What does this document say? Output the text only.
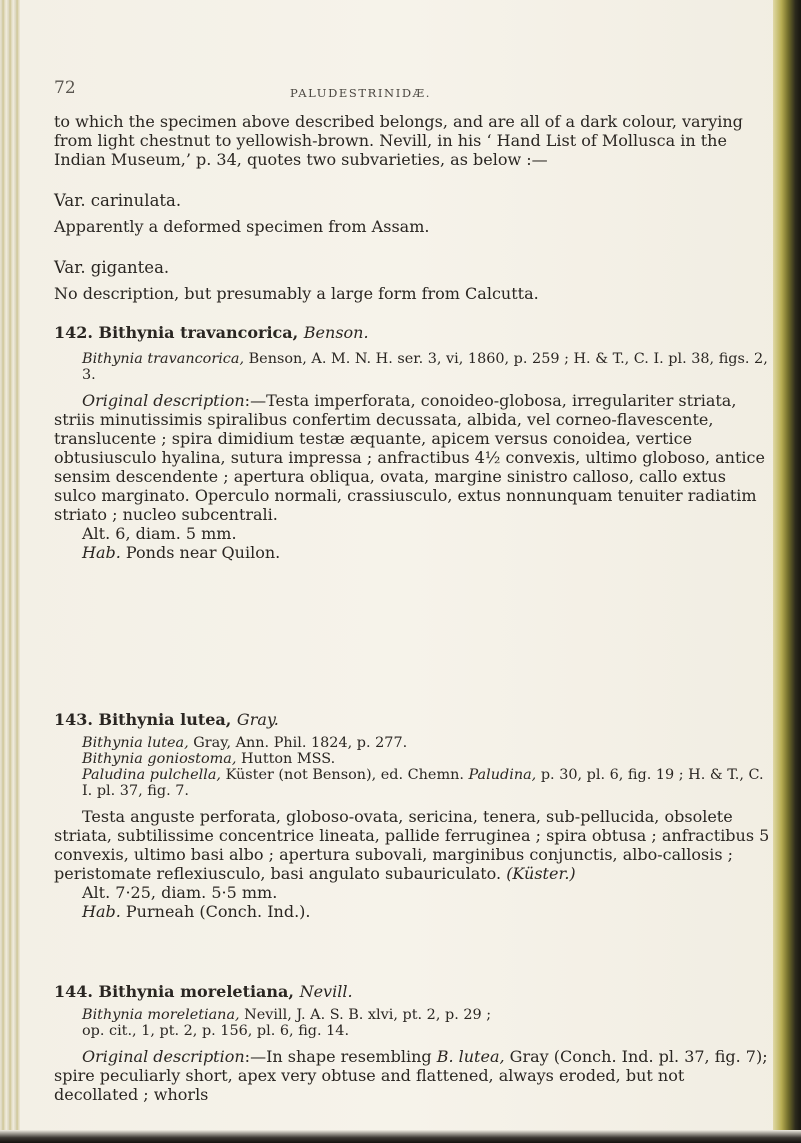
72	PALUDESTRINIDÆ.

to which the specimen above described belongs, and are all of a dark colour, varying from light chestnut to yellowish-brown. Nevill, in his ‘ Hand List of Mollusca in the Indian Museum,’ p. 34, quotes two subvarieties, as below :—

Var. carinulata.

Apparently a deformed specimen from Assam.

Var. gigantea.

No description, but presumably a large form from Calcutta.

142. Bithynia travancorica, Benson.

Bithynia travancorica, Benson, A. M. N. H. ser. 3, vi, 1860, p. 259 ; H. & T., C. I. pl. 38, figs. 2, 3.

Original description:—Testa imperforata, conoideo-globosa, irregulariter striata, striis minutissimis spiralibus confertim decussata, albida, vel corneo-flavescente, translucente ; spira dimidium testæ æquante, apicem versus conoidea, vertice obtusiusculo hyalina, sutura impressa ; anfractibus 4½ convexis, ultimo globoso, antice sensim descendente ; apertura obliqua, ovata, margine sinistro calloso, callo extus sulco marginato. Operculo normali, crassiusculo, extus nonnunquam tenuiter radiatim striato ; nucleo subcentrali.

Alt. 6, diam. 5 mm.

Hab. Ponds near Quilon.

143. Bithynia lutea, Gray.

Bithynia lutea, Gray, Ann. Phil. 1824, p. 277.

Bithynia goniostoma, Hutton MSS.

Paludina pulchella, Küster (not Benson), ed. Chemn. Paludina, p. 30, pl. 6, fig. 19 ; H. & T., C. I. pl. 37, fig. 7.

Testa anguste perforata, globoso-ovata, sericina, tenera, sub-pellucida, obsolete striata, subtilissime concentrice lineata, pallide ferruginea ; spira obtusa ; anfractibus 5 convexis, ultimo basi albo ; apertura subovali, marginibus conjunctis, albo-callosis ; peristomate reflexiusculo, basi angulato subauriculato. (Küster.)

Alt. 7·25, diam. 5·5 mm.

Hab. Purneah (Conch. Ind.).

144. Bithynia moreletiana, Nevill.

Bithynia moreletiana, Nevill, J. A. S. B. xlvi, pt. 2, p. 29 ;

op. cit., 1, pt. 2, p. 156, pl. 6, fig. 14.

Original description:—In shape resembling B. lutea, Gray (Conch. Ind. pl. 37, fig. 7); spire peculiarly short, apex very obtuse and flattened, always eroded, but not decollated ; whorls
